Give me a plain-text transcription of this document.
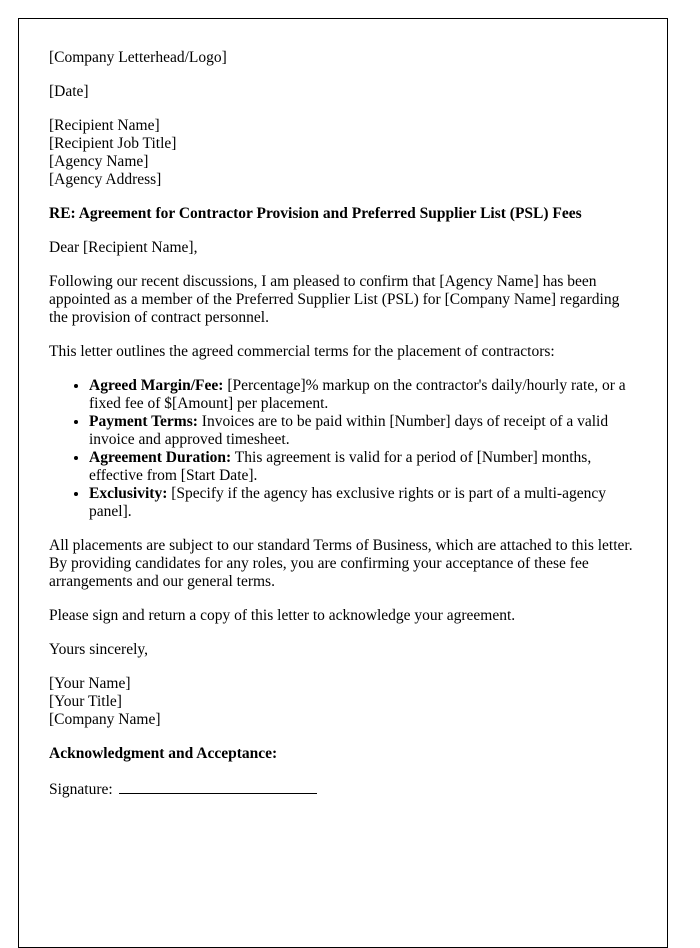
[Company Letterhead/Logo]

[Date]

[Recipient Name]

[Recipient Job Title]

[Agency Name]

[Agency Address]

RE: Agreement for Contractor Provision and Preferred Supplier List (PSL) Fees

Dear [Recipient Name],

Following our recent discussions, I am pleased to confirm that [Agency Name] has been appointed as a member of the Preferred Supplier List (PSL) for [Company Name] regarding the provision of contract personnel.

This letter outlines the agreed commercial terms for the placement of contractors:

• Agreed Margin/Fee: [Percentage]% markup on the contractor's daily/hourly rate, or a fixed fee of $[Amount] per placement.
• Payment Terms: Invoices are to be paid within [Number] days of receipt of a valid invoice and approved timesheet.
• Agreement Duration: This agreement is valid for a period of [Number] months, effective from [Start Date].
• Exclusivity: [Specify if the agency has exclusive rights or is part of a multi-agency panel].

All placements are subject to our standard Terms of Business, which are attached to this letter. By providing candidates for any roles, you are confirming your acceptance of these fee arrangements and our general terms.

Please sign and return a copy of this letter to acknowledge your agreement.

Yours sincerely,

[Your Name]

[Your Title]

[Company Name]

Acknowledgment and Acceptance:

Signature:
